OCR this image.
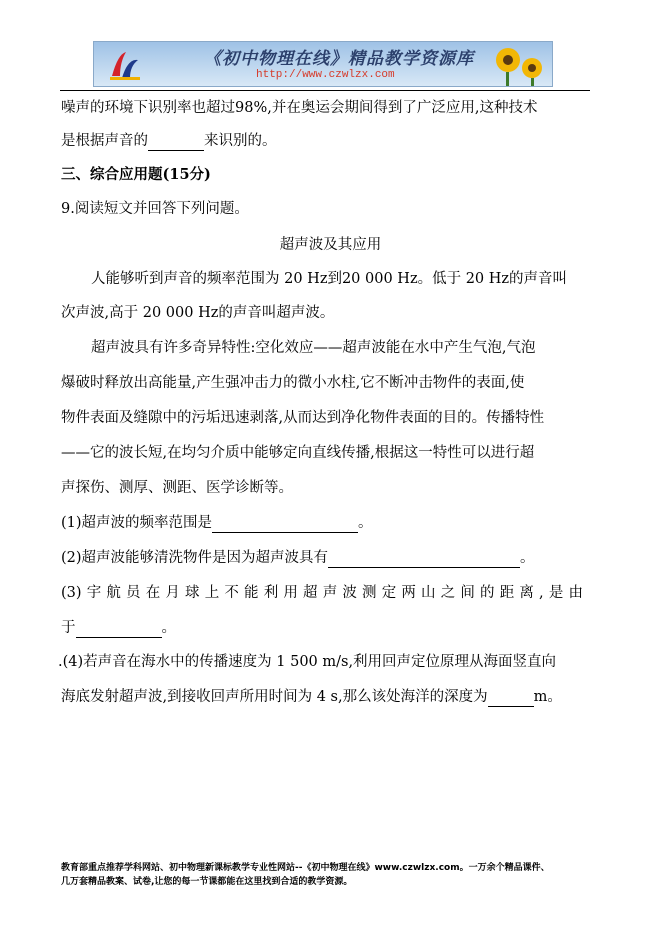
《初中物理在线》精品教学资源库
http://www.czwlzx.com
噪声的环境下识别率也超过98%,并在奥运会期间得到了广泛应用,这种技术
是根据声音的	来识别的。
三、综合应用题(15分)
9.阅读短文并回答下列问题。
超声波及其应用
人能够听到声音的频率范围为 20 Hz到20 000 Hz。低于 20 Hz的声音叫
次声波,高于 20 000 Hz的声音叫超声波。
超声波具有许多奇异特性:空化效应——超声波能在水中产生气泡,气泡
爆破时释放出高能量,产生强冲击力的微小水柱,它不断冲击物件的表面,使
物件表面及缝隙中的污垢迅速剥落,从而达到净化物件表面的目的。传播特性
——它的波长短,在均匀介质中能够定向直线传播,根据这一特性可以进行超
声探伤、测厚、测距、医学诊断等。
(1)超声波的频率范围是	。
(2)超声波能够清洗物件是因为超声波具有	。
(3)宇航员在月球上不能利用超声波测定两山之间的距离,是由
于	。
.(4)若声音在海水中的传播速度为 1 500 m/s,利用回声定位原理从海面竖直向
海底发射超声波,到接收回声所用时间为 4 s,那么该处海洋的深度为	m。
教育部重点推荐学科网站、初中物理新课标教学专业性网站--《初中物理在线》www.czwlzx.com。一万余个精品课件、
几万套精品教案、试卷,让您的每一节课都能在这里找到合适的教学资源。
